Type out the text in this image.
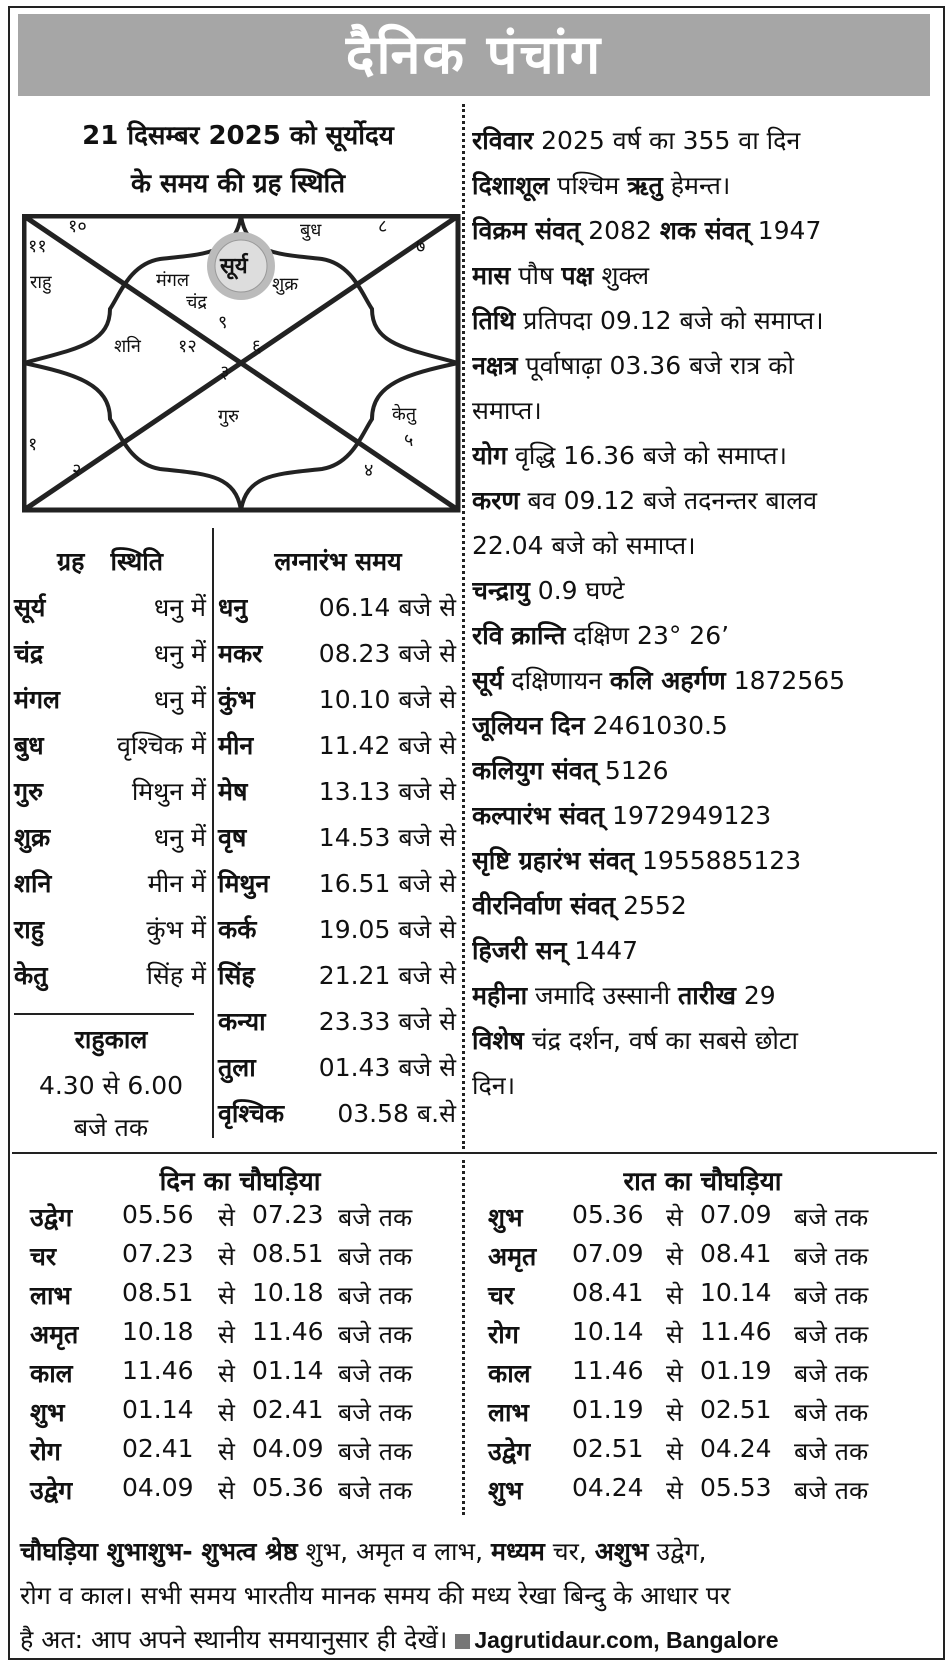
दैनिक पंचांग
21 दिसम्बर 2025 को सूर्योदय
के समय की ग्रह स्थिति
सूर्य
बुध
मंगल	शुक्र
चंद्र
राहु
शनि
गुरु	केतु
१०	८
११	७
९
१२	६
३
१	५
२	४
ग्रह स्थिति
सूर्य	धनु में
चंद्र	धनु में
मंगल	धनु में
बुध	वृश्चिक में
गुरु	मिथुन में
शुक्र	धनु में
शनि	मीन में
राहु	कुंभ में
केतु	सिंह में
राहुकाल
4.30 से 6.00
बजे तक
लग्नारंभ समय
धनु	06.14 बजे से
मकर 08.23 बजे से
कुंभ	10.10 बजे से
मीन	11.42 बजे से
मेष	13.13 बजे से
वृष	14.53 बजे से
मिथुन 16.51 बजे से
कर्क 19.05 बजे से
सिंह	21.21 बजे से
कन्या 23.33 बजे से
तुला	01.43 बजे से
वृश्चिक 03.58 ब.से

रविवार 2025 वर्ष का 355 वा दिन

दिशाशूल पश्चिम ऋतु हेमन्त।

विक्रम संवत् 2082 शक संवत् 1947

मास पौष पक्ष शुक्ल

तिथि प्रतिपदा 09.12 बजे को समाप्त।

नक्षत्र पूर्वाषाढ़ा 03.36 बजे रात्र को

समाप्त।

योग वृद्धि 16.36 बजे को समाप्त।

करण बव 09.12 बजे तदनन्तर बालव

22.04 बजे को समाप्त।

चन्द्रायु 0.9 घण्टे

रवि क्रान्ति दक्षिण 23° 26’

सूर्य दक्षिणायन कलि अहर्गण 1872565

जूलियन दिन 2461030.5

कलियुग संवत् 5126

कल्पारंभ संवत् 1972949123

सृष्टि ग्रहारंभ संवत् 1955885123

वीरनिर्वाण संवत् 2552

हिजरी सन् 1447

महीना जमादि उस्सानी तारीख 29

विशेष चंद्र दर्शन, वर्ष का सबसे छोटा

दिन।

दिन का चौघड़िया	रात का चौघड़िया
उद्वेग 05.56 से 07.23 बजे तक
चर	07.23 से 08.51 बजे तक
लाभ 08.51 से 10.18 बजे तक
अमृत 10.18 से 11.46 बजे तक
काल 11.46 से 01.14 बजे तक
शुभ 01.14 से 02.41 बजे तक
रोग 02.41 से 04.09 बजे तक
उद्वेग 04.09 से 05.36 बजे तक
शुभ 05.36 से 07.09 बजे तक
अमृत 07.09 से 08.41 बजे तक
चर 08.41 से 10.14 बजे तक
रोग 10.14 से 11.46 बजे तक
काल 11.46 से 01.19 बजे तक
लाभ 01.19 से 02.51 बजे तक
उद्वेग 02.51 से 04.24 बजे तक
शुभ 04.24 से 05.53 बजे तक
चौघड़िया शुभाशुभ- शुभत्व श्रेष्ठ शुभ, अमृत व लाभ, मध्यम चर, अशुभ उद्वेग,
रोग व काल। सभी समय भारतीय मानक समय की मध्य रेखा बिन्दु के आधार पर
है अत: आप अपने स्थानीय समयानुसार ही देखें। Jagrutidaur.com, Bangalore
